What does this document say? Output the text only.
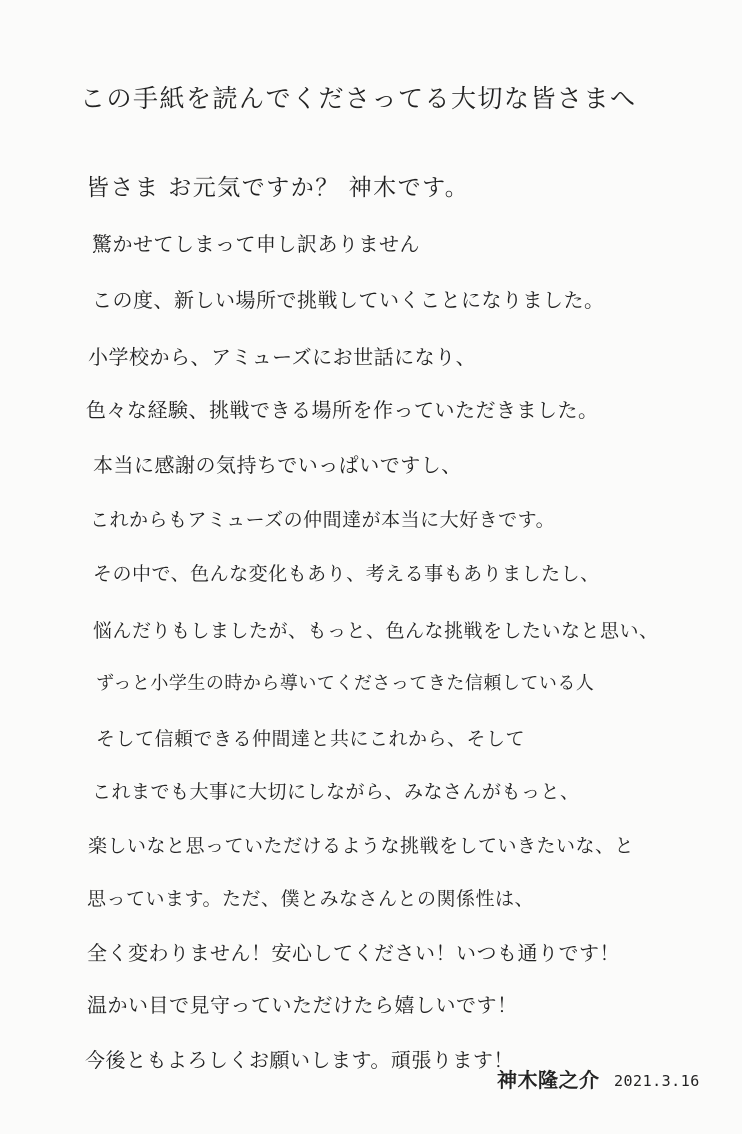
この手紙を読んでくださってる大切な皆さまへ
皆さま お元気ですか？ 神木です。
驚かせてしまって申し訳ありません
この度、新しい場所で挑戦していくことになりました。
小学校から、アミューズにお世話になり、
色々な経験、挑戦できる場所を作っていただきました。
本当に感謝の気持ちでいっぱいですし、
これからもアミューズの仲間達が本当に大好きです。
その中で、色んな変化もあり、考える事もありましたし、
悩んだりもしましたが、もっと、色んな挑戦をしたいなと思い、
ずっと小学生の時から導いてくださってきた信頼している人
そして信頼できる仲間達と共にこれから、そして
これまでも大事に大切にしながら、みなさんがもっと、
楽しいなと思っていただけるような挑戦をしていきたいな、と
思っています。ただ、僕とみなさんとの関係性は、
全く変わりません！安心してください！いつも通りです！
温かい目で見守っていただけたら嬉しいです！
今後ともよろしくお願いします。頑張ります！
神木隆之介 2021.3.16
